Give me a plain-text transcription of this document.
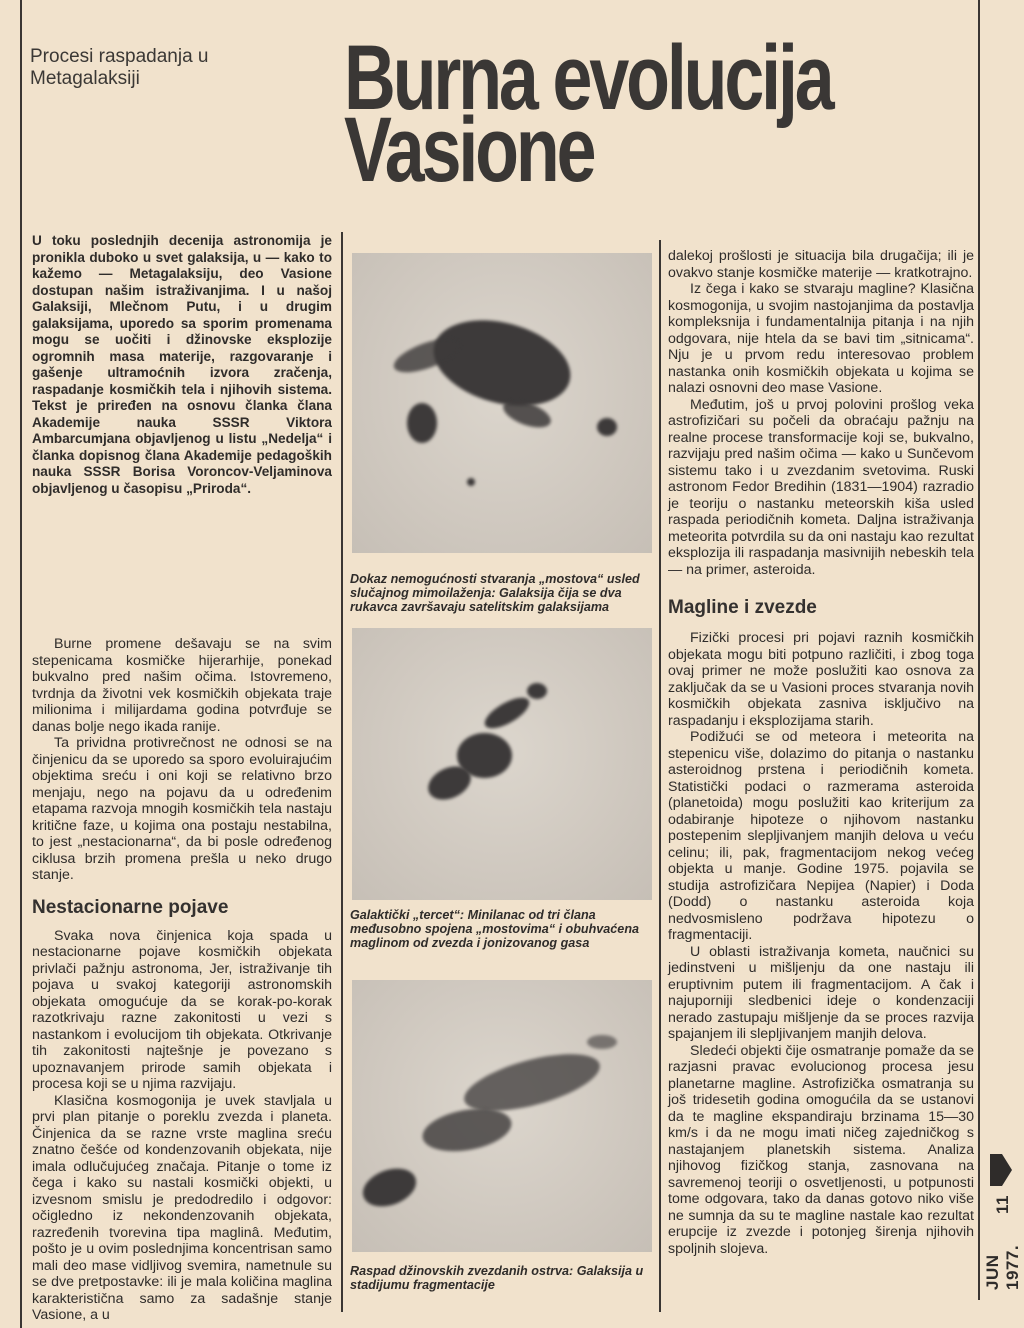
Procesi raspadanja u Metagalaksiji	Burna evolucija
Vasione

U toku poslednjih decenija astronomija je pronikla duboko u svet galaksija, u — kako to kažemo — Metagalaksiju, deo Vasione dostupan našim istraživanjima. I u našoj Galaksiji, Mlečnom Putu, i u drugim galaksijama, uporedo sa sporim promenama mogu se uočiti i džinovske eksplozije ogromnih masa materije, razgovaranje i gašenje ultramoćnih izvora zračenja, raspadanje kosmičkih tela i njihovih sistema. Tekst je priređen na osnovu članka člana Akademije nauka SSSR Viktora Ambarcumjana objavljenog u listu „Nedelja“ i članka dopisnog člana Akademije pedagoških nauka SSSR Borisa Voroncov-Veljaminova objavljenog u časopisu „Priroda“.

Burne promene dešavaju se na svim stepenicama kosmičke hijerarhije, ponekad bukvalno pred našim očima. Istovremeno, tvrdnja da životni vek kosmičkih objekata traje milionima i milijardama godina potvrđuje se danas bolje nego ikada ranije.

Ta prividna protivrečnost ne odnosi se na činjenicu da se uporedo sa sporo evoluirajućim objektima sreću i oni koji se relativno brzo menjaju, nego na pojavu da u određenim etapama razvoja mnogih kosmičkih tela nastaju kritične faze, u kojima ona postaju nestabilna, to jest „nestacionarna“, da bi posle određenog ciklusa brzih promena prešla u neko drugo stanje.

Nestacionarne pojave

Svaka nova činjenica koja spada u nestacionarne pojave kosmičkih objekata privlači pažnju astronoma, Jer, istraživanje tih pojava u svakoj kategoriji astronomskih objekata omogućuje da se korak-po-korak razotkrivaju razne zakonitosti u vezi s nastankom i evolucijom tih objekata. Otkrivanje tih zakonitosti najtešnje je povezano s upoznavanjem prirode samih objekata i procesa koji se u njima razvijaju.

Klasična kosmogonija je uvek stavljala u prvi plan pitanje o poreklu zvezda i planeta. Činjenica da se razne vrste maglina sreću znatno češće od kondenzovanih objekata, nije imala odlučujućeg značaja. Pitanje o tome iz čega i kako su nastali kosmički objekti, u izvesnom smislu je predodredilo i odgovor: očigledno iz nekondenzovanih objekata, razređenih tvorevina tipa maglinâ. Međutim, pošto je u ovim poslednjima koncentrisan samo mali deo mase vidljivog svemira, nametnule su se dve pretpostavke: ili je mala količina maglina karakteristična samo za sadašnje stanje Vasione, a u

Dokaz nemogućnosti stvaranja „mostova“ usled slučajnog mimoilaženja: Galaksija čija se dva rukavca završavaju satelitskim galaksijama
Galaktički „tercet“: Minilanac od tri člana međusobno spojena „mostovima“ i obuhvaćena maglinom od zvezda i jonizovanog gasa
Raspad džinovskih zvezdanih ostrva: Galaksija u stadijumu fragmentacije

dalekoj prošlosti je situacija bila drugačija; ili je ovakvo stanje kosmičke materije — kratkotrajno.

Iz čega i kako se stvaraju magline? Klasična kosmogonija, u svojim nastojanjima da postavlja kompleksnija i fundamentalnija pitanja i na njih odgovara, nije htela da se bavi tim „sitnicama“. Nju je u prvom redu interesovao problem nastanka onih kosmičkih objekata u kojima se nalazi osnovni deo mase Vasione.

Međutim, još u prvoj polovini prošlog veka astrofizičari su počeli da obraćaju pažnju na realne procese transformacije koji se, bukvalno, razvijaju pred našim očima — kako u Sunčevom sistemu tako i u zvezdanim svetovima. Ruski astronom Fedor Bredihin (1831—1904) razradio je teoriju o nastanku meteorskih kiša usled raspada periodičnih kometa. Daljna istraživanja meteorita potvrdila su da oni nastaju kao rezultat eksplozija ili raspadanja masivnijih nebeskih tela — na primer, asteroida.

Magline i zvezde

Fizički procesi pri pojavi raznih kosmičkih objekata mogu biti potpuno različiti, i zbog toga ovaj primer ne može poslužiti kao osnova za zaključak da se u Vasioni proces stvaranja novih kosmičkih objekata zasniva isključivo na raspadanju i eksplozijama starih.

Podižući se od meteora i meteorita na stepenicu više, dolazimo do pitanja o nastanku asteroidnog prstena i periodičnih kometa. Statistički podaci o razmerama asteroida (planetoida) mogu poslužiti kao kriterijum za odabiranje hipoteze o njihovom nastanku postepenim slepljivanjem manjih delova u veću celinu; ili, pak, fragmentacijom nekog većeg objekta u manje. Godine 1975. pojavila se studija astrofizičara Nepijea (Napier) i Doda (Dodd) o nastanku asteroida koja nedvosmisleno podržava hipotezu o fragmentaciji.

U oblasti istraživanja kometa, naučnici su jedinstveni u mišljenju da one nastaju ili eruptivnim putem ili fragmentacijom. A čak i najuporniji sledbenici ideje o kondenzaciji nerado zastupaju mišljenje da se proces razvija spajanjem ili slepljivanjem manjih delova.

Sledeći objekti čije osmatranje pomaže da se razjasni pravac evolucionog procesa jesu planetarne magline. Astrofizička osmatranja su još tridesetih godina omogućila da se ustanovi da te magline ekspandiraju brzinama 15—30 km/s i da ne mogu imati ničeg zajedničkog s nastajanjem planetskih sistema. Analiza njihovog fizičkog stanja, zasnovana na savremenoj teoriji o osvetljenosti, u potpunosti tome odgovara, tako da danas gotovo niko više ne sumnja da su te magline nastale kao rezultat erupcije iz zvezde i potonjeg širenja njihovih spoljnih slojeva.

JUN 1977.
11
